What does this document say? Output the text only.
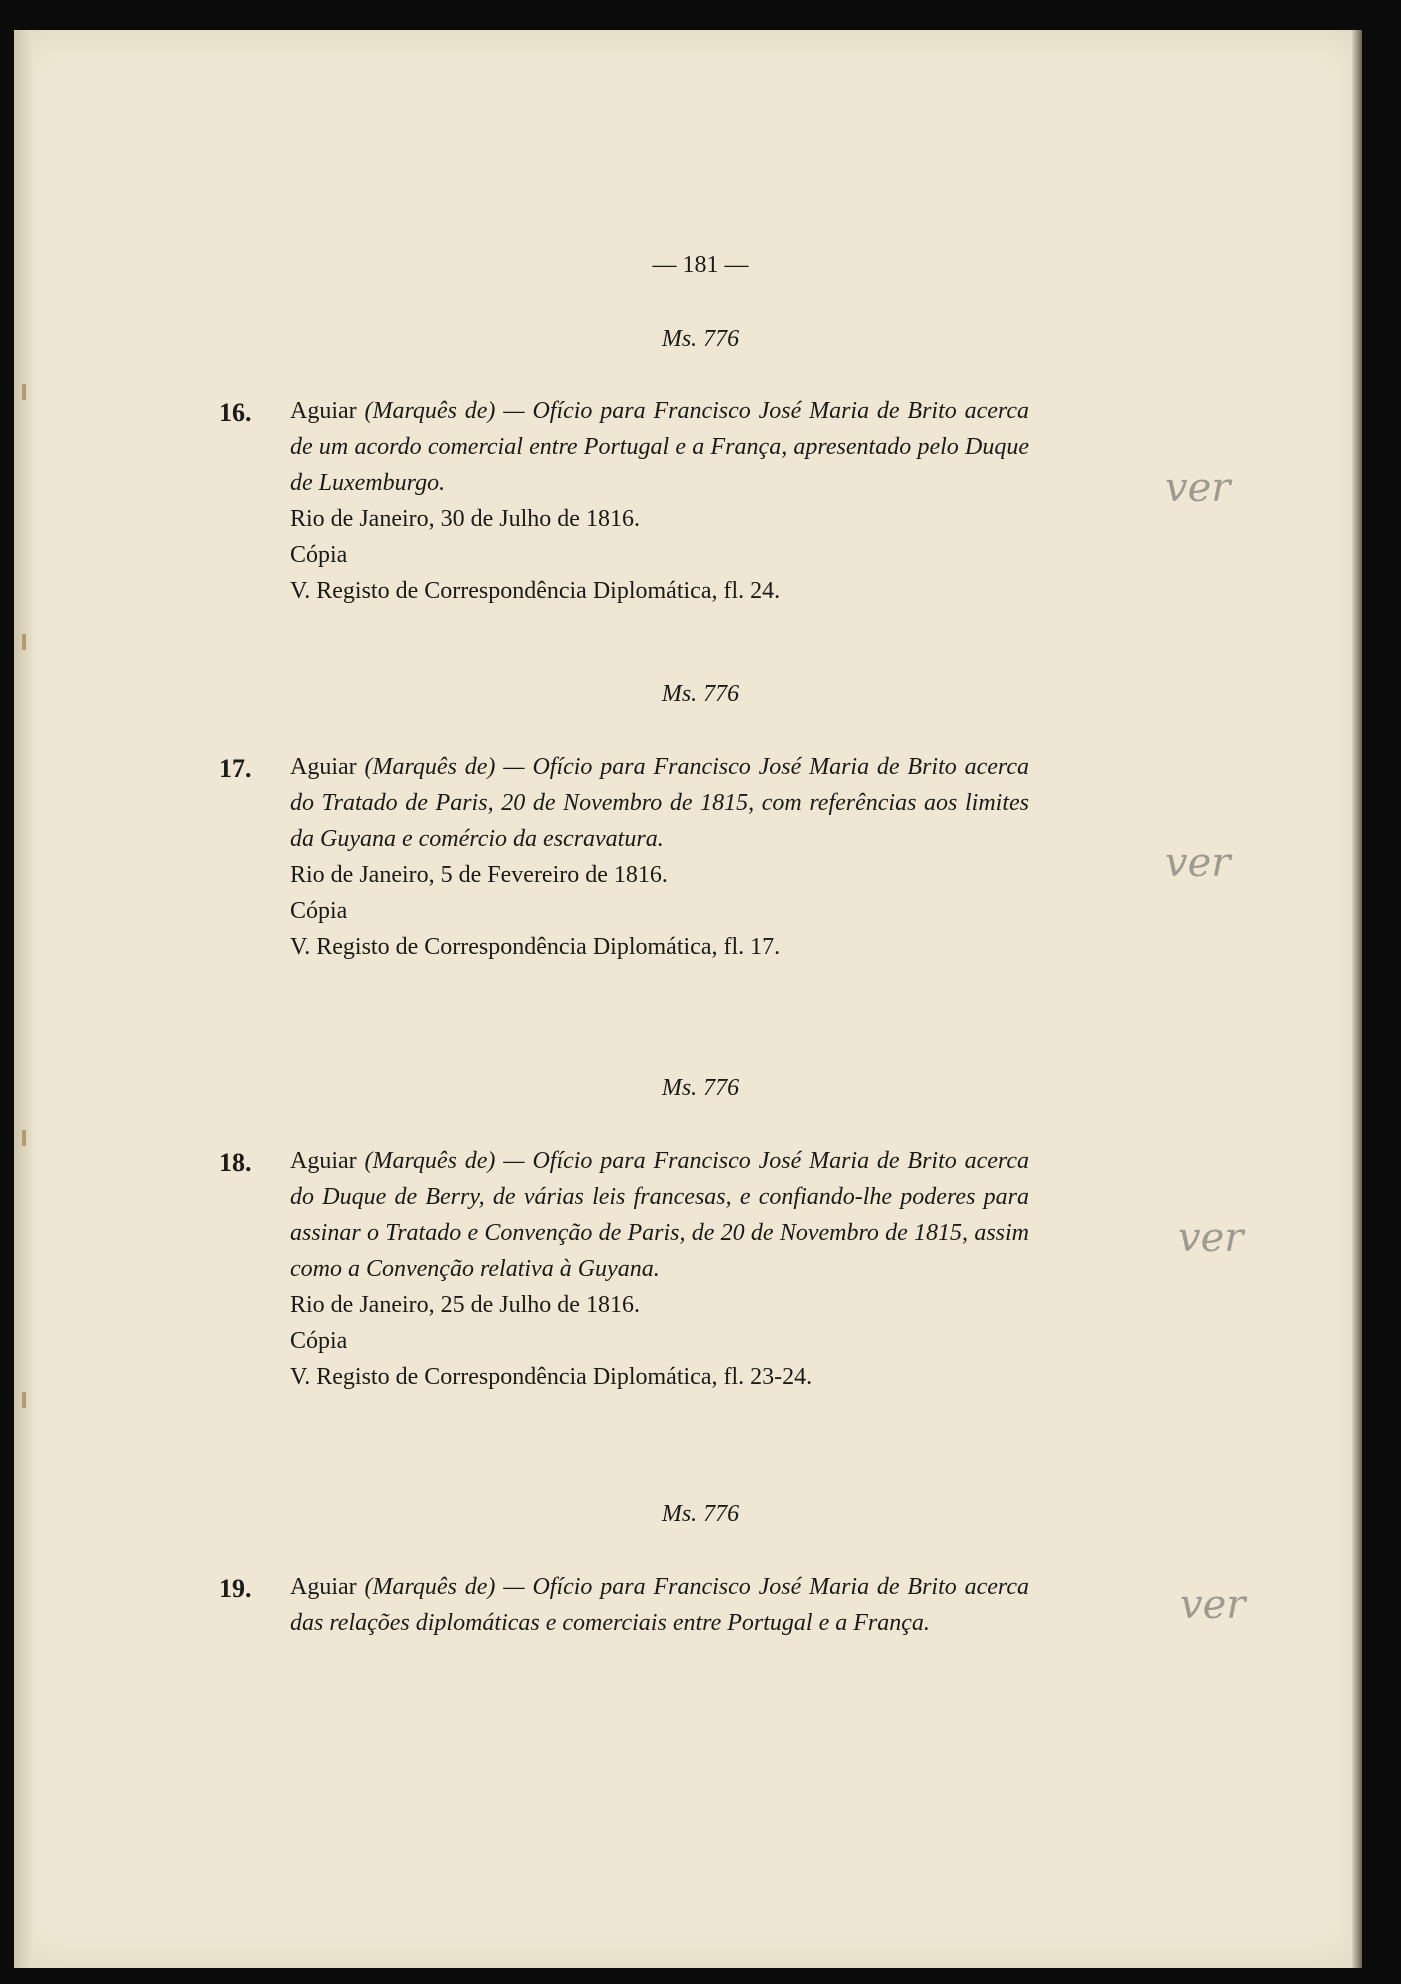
— 181 —
Ms. 776
16. Aguiar (Marquês de) — Ofício para Francisco José Maria de Brito acerca de um acordo comercial entre Portugal e a França, apresentado pelo Duque de Luxemburgo.
Rio de Janeiro, 30 de Julho de 1816.
Cópia
V. Registo de Correspondência Diplomática, fl. 24.
ver
Ms. 776
17. Aguiar (Marquês de) — Ofício para Francisco José Maria de Brito acerca do Tratado de Paris, 20 de Novembro de 1815, com referências aos limites da Guyana e comércio da escravatura.
Rio de Janeiro, 5 de Fevereiro de 1816.
Cópia
V. Registo de Correspondência Diplomática, fl. 17.
ver
Ms. 776
18. Aguiar (Marquês de) — Ofício para Francisco José Maria de Brito acerca do Duque de Berry, de várias leis francesas, e confiando-lhe poderes para assinar o Tratado e Convenção de Paris, de 20 de Novembro de 1815, assim como a Convenção relativa à Guyana.
Rio de Janeiro, 25 de Julho de 1816.
Cópia
V. Registo de Correspondência Diplomática, fl. 23-24.
ver
Ms. 776
19. Aguiar (Marquês de) — Ofício para Francisco José Maria de Brito acerca das relações diplomáticas e comerciais entre Portugal e a França.	ver
